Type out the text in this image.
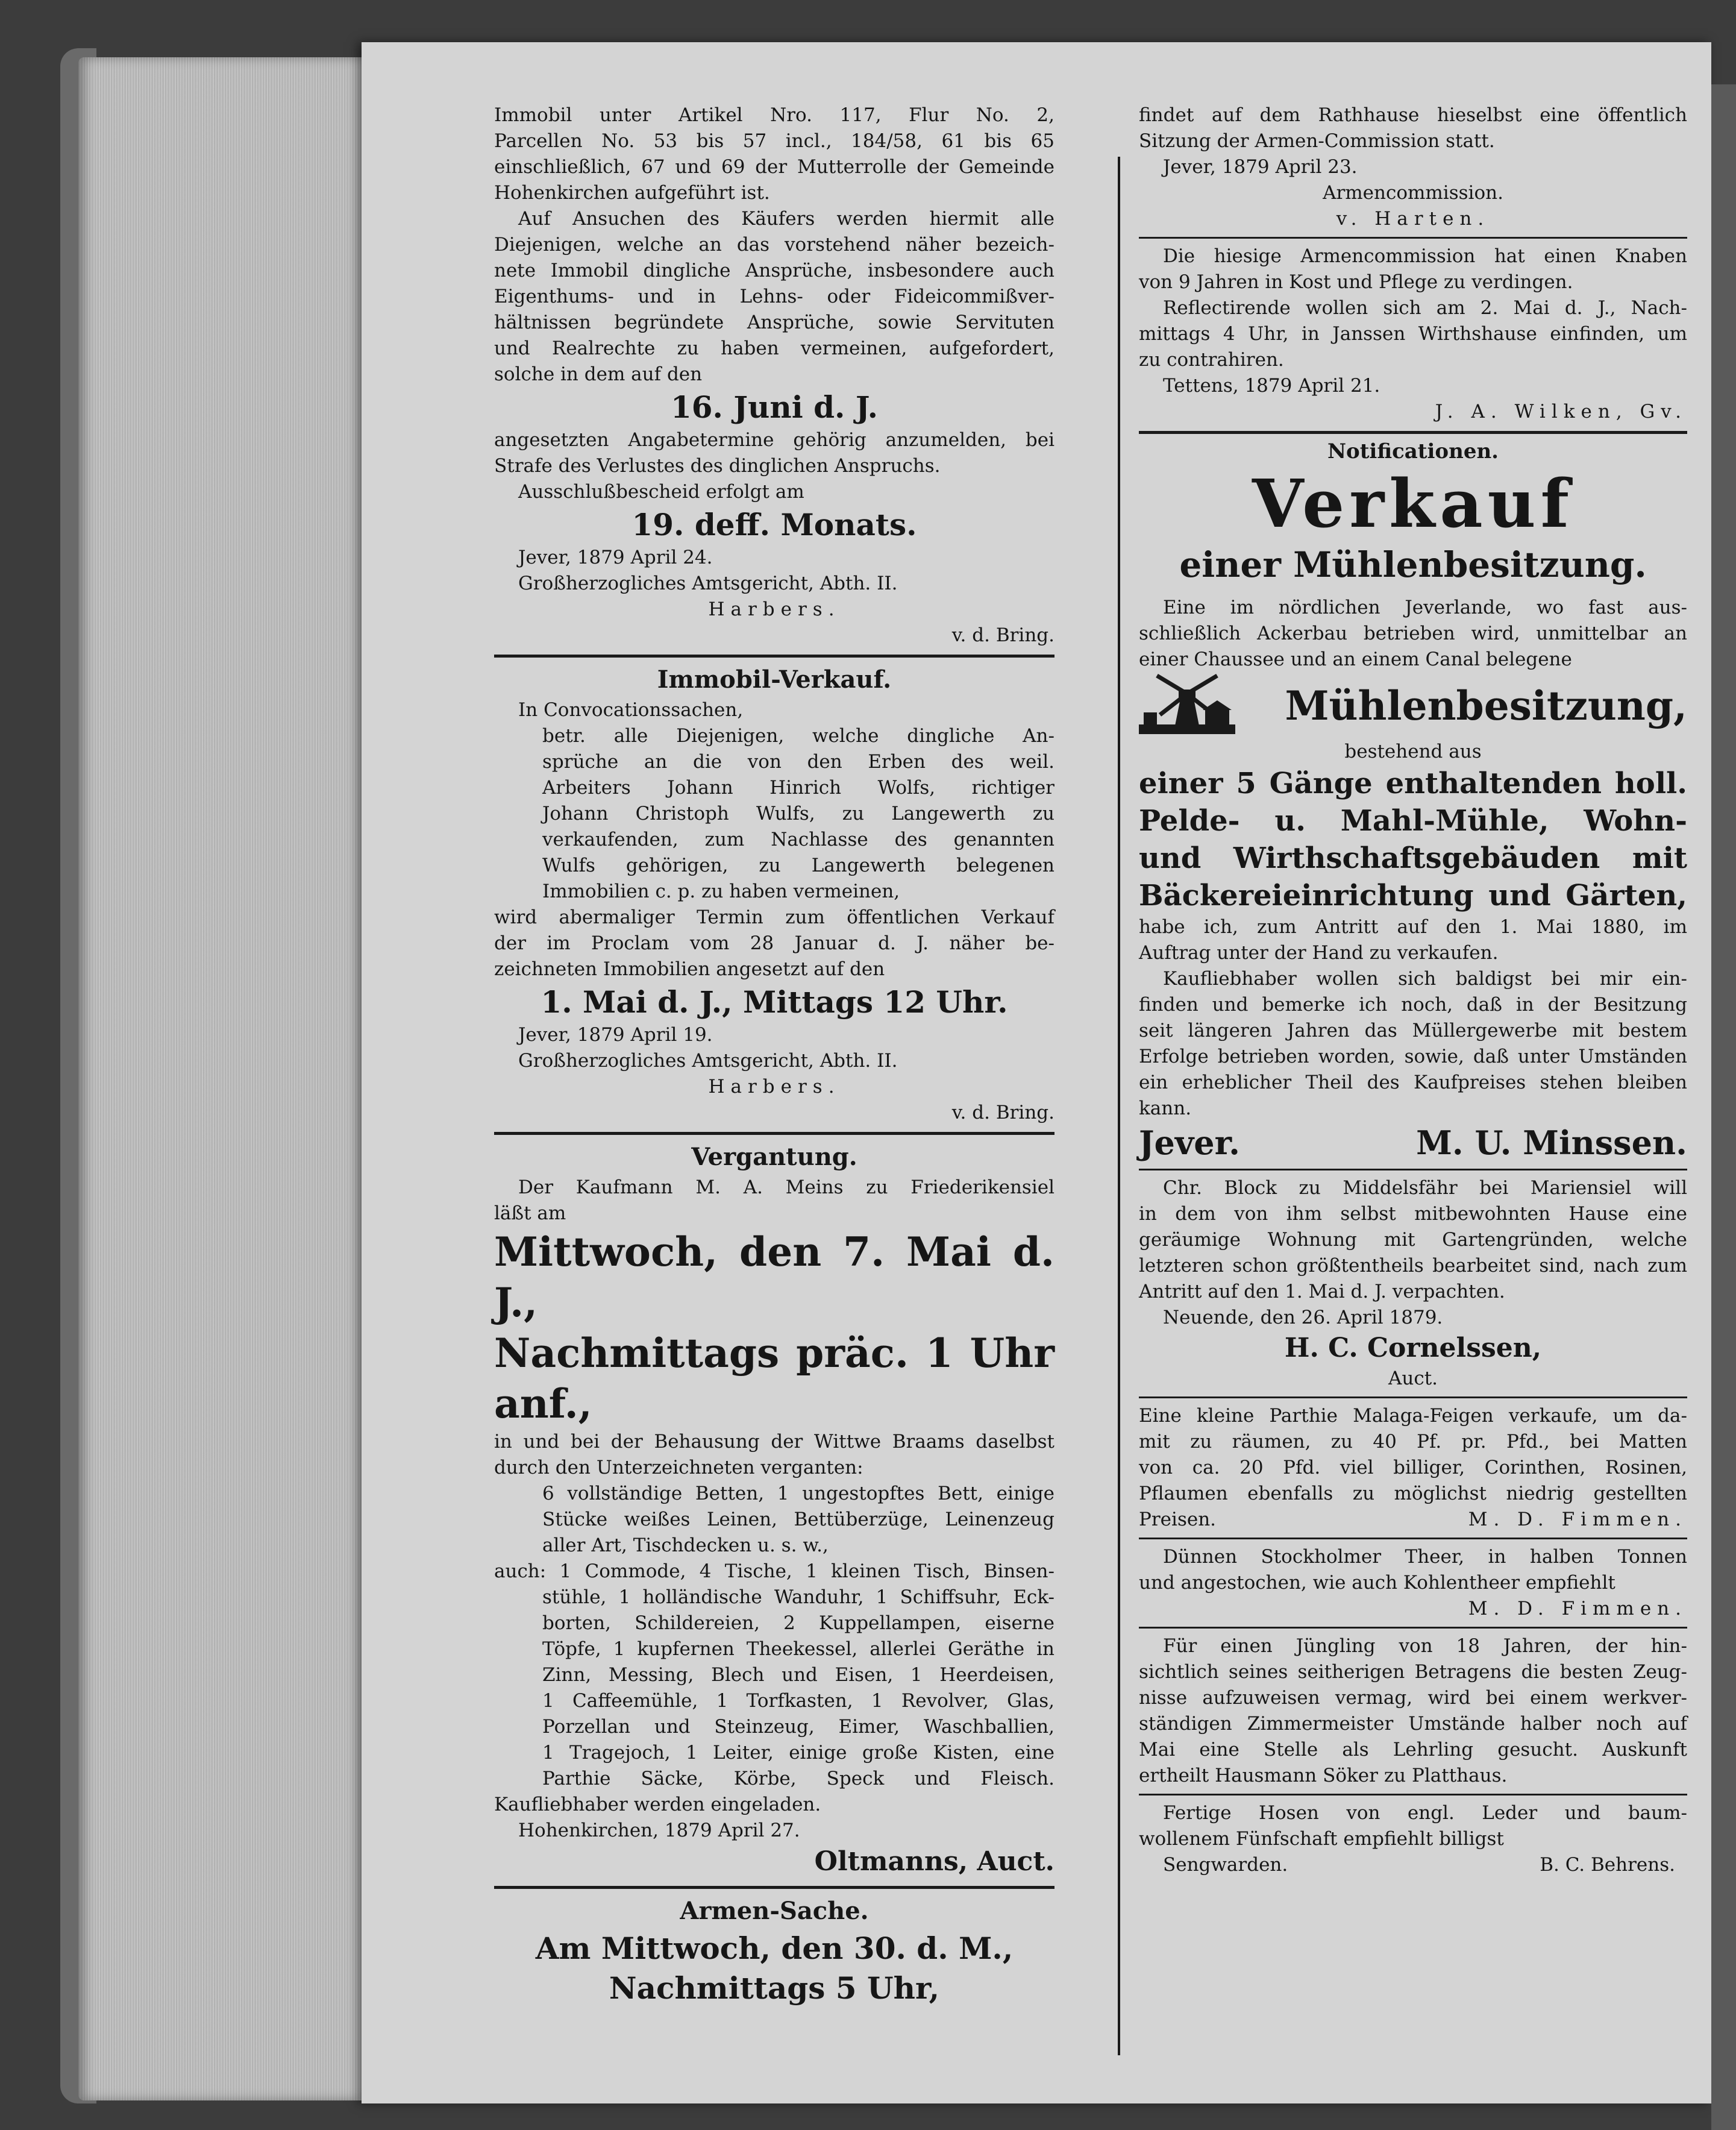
Immobil unter Artikel Nro. 117, Flur No. 2,

Parcellen No. 53 bis 57 incl., 184/58, 61 bis 65

einschließlich, 67 und 69 der Mutterrolle der Gemeinde

Hohenkirchen aufgeführt ist.

Auf Ansuchen des Käufers werden hiermit alle

Diejenigen, welche an das vorstehend näher bezeich-

nete Immobil dingliche Ansprüche, insbesondere auch

Eigenthums- und in Lehns- oder Fideicommißver-

hältnissen begründete Ansprüche, sowie Servituten

und Realrechte zu haben vermeinen, aufgefordert,

solche in dem auf den

16. Juni d. J.

angesetzten Angabetermine gehörig anzumelden, bei

Strafe des Verlustes des dinglichen Anspruchs.

Ausschlußbescheid erfolgt am

19. deff. Monats.

Jever, 1879 April 24.

Großherzogliches Amtsgericht, Abth. II.

Harbers.

v. d. Bring.

Immobil-Verkauf.

In Convocationssachen,

betr. alle Diejenigen, welche dingliche An-

sprüche an die von den Erben des weil.

Arbeiters Johann Hinrich Wolfs, richtiger

Johann Christoph Wulfs, zu Langewerth zu

verkaufenden, zum Nachlasse des genannten

Wulfs gehörigen, zu Langewerth belegenen

Immobilien c. p. zu haben vermeinen,

wird abermaliger Termin zum öffentlichen Verkauf

der im Proclam vom 28 Januar d. J. näher be-

zeichneten Immobilien angesetzt auf den

1. Mai d. J., Mittags 12 Uhr.

Jever, 1879 April 19.

Großherzogliches Amtsgericht, Abth. II.

Harbers.

v. d. Bring.

Vergantung.

Der Kaufmann M. A. Meins zu Friederikensiel

läßt am

Mittwoch, den 7. Mai d. J.,

Nachmittags präc. 1 Uhr anf.,

in und bei der Behausung der Wittwe Braams daselbst

durch den Unterzeichneten verganten:

6 vollständige Betten, 1 ungestopftes Bett, einige

Stücke weißes Leinen, Bettüberzüge, Leinenzeug

aller Art, Tischdecken u. s. w.,

auch: 1 Commode, 4 Tische, 1 kleinen Tisch, Binsen-

stühle, 1 holländische Wanduhr, 1 Schiffsuhr, Eck-

borten, Schildereien, 2 Kuppellampen, eiserne

Töpfe, 1 kupfernen Theekessel, allerlei Geräthe in

Zinn, Messing, Blech und Eisen, 1 Heerdeisen,

1 Caffeemühle, 1 Torfkasten, 1 Revolver, Glas,

Porzellan und Steinzeug, Eimer, Waschballien,

1 Tragejoch, 1 Leiter, einige große Kisten, eine

Parthie Säcke, Körbe, Speck und Fleisch.

Kaufliebhaber werden eingeladen.

Hohenkirchen, 1879 April 27.

Oltmanns, Auct.

Armen-Sache.

Am Mittwoch, den 30. d. M.,

Nachmittags 5 Uhr,

findet auf dem Rathhause hieselbst eine öffentlich

Sitzung der Armen-Commission statt.

Jever, 1879 April 23.

Armencommission.

v. Harten.

Die hiesige Armencommission hat einen Knaben

von 9 Jahren in Kost und Pflege zu verdingen.

Reflectirende wollen sich am 2. Mai d. J., Nach-

mittags 4 Uhr, in Janssen Wirthshause einfinden, um

zu contrahiren.

Tettens, 1879 April 21.

J. A. Wilken, Gv.

Notificationen.

Verkauf

einer Mühlenbesitzung.

Eine im nördlichen Jeverlande, wo fast aus-

schließlich Ackerbau betrieben wird, unmittelbar an

einer Chaussee und an einem Canal belegene

Mühlenbesitzung,

bestehend aus

einer 5 Gänge enthaltenden holl.

Pelde- u. Mahl-Mühle, Wohn-

und Wirthschaftsgebäuden mit

Bäckereieinrichtung und Gärten,

habe ich, zum Antritt auf den 1. Mai 1880, im

Auftrag unter der Hand zu verkaufen.

Kaufliebhaber wollen sich baldigst bei mir ein-

finden und bemerke ich noch, daß in der Besitzung

seit längeren Jahren das Müllergewerbe mit bestem

Erfolge betrieben worden, sowie, daß unter Umständen

ein erheblicher Theil des Kaufpreises stehen bleiben

kann.

Jever.	M. U. Minssen.

Chr. Block zu Middelsfähr bei Mariensiel will

in dem von ihm selbst mitbewohnten Hause eine

geräumige Wohnung mit Gartengründen, welche

letzteren schon größtentheils bearbeitet sind, nach zum

Antritt auf den 1. Mai d. J. verpachten.

Neuende, den 26. April 1879.

H. C. Cornelssen,

Auct.

Eine kleine Parthie Malaga-Feigen verkaufe, um da-

mit zu räumen, zu 40 Pf. pr. Pfd., bei Matten

von ca. 20 Pfd. viel billiger, Corinthen, Rosinen,

Pflaumen ebenfalls zu möglichst niedrig gestellten

Preisen.	M. D. Fimmen.

Dünnen Stockholmer Theer, in halben Tonnen

und angestochen, wie auch Kohlentheer empfiehlt

M. D. Fimmen.

Für einen Jüngling von 18 Jahren, der hin-

sichtlich seines seitherigen Betragens die besten Zeug-

nisse aufzuweisen vermag, wird bei einem werkver-

ständigen Zimmermeister Umstände halber noch auf

Mai eine Stelle als Lehrling gesucht. Auskunft

ertheilt Hausmann Söker zu Platthaus.

Fertige Hosen von engl. Leder und baum-

wollenem Fünfschaft empfiehlt billigst

Sengwarden.	B. C. Behrens.
